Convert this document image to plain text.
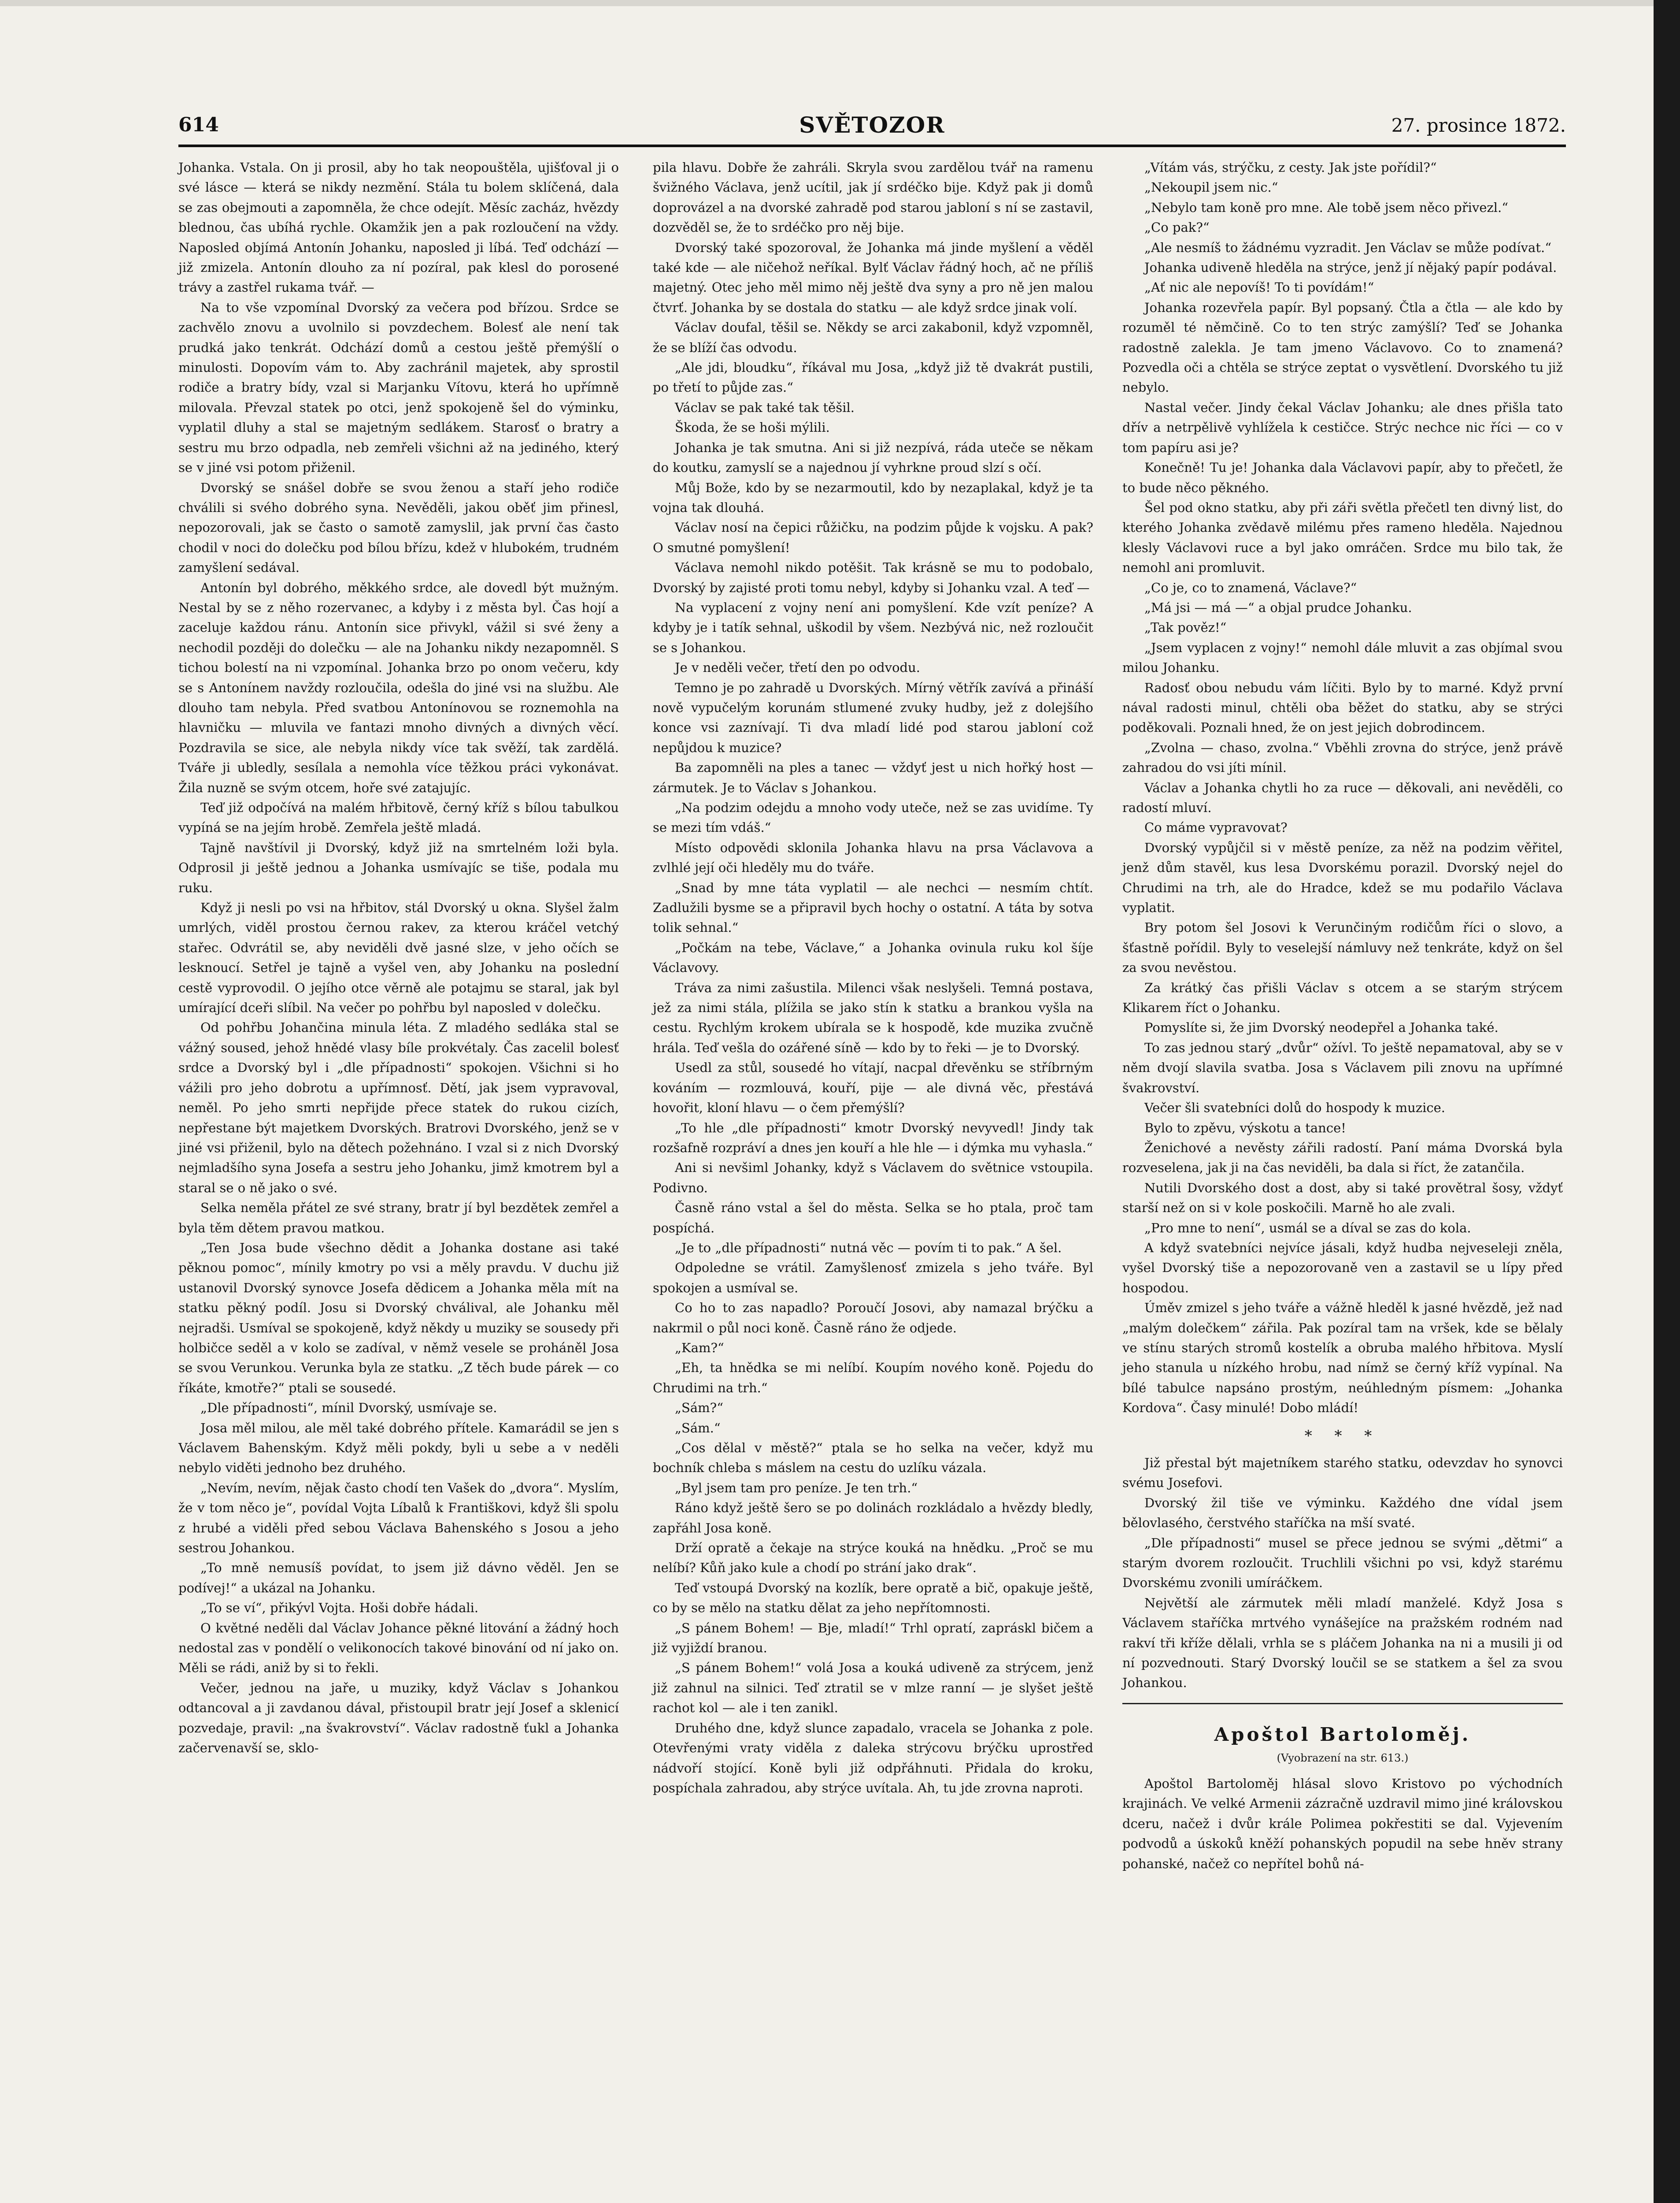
614	SVĚTOZOR	27. prosince 1872.

Johanka. Vstala. On ji prosil, aby ho tak neopouštěla, ujišťoval ji o své lásce — která se nikdy nezmění. Stála tu bolem sklíčená, dala se zas obejmouti a zapomněla, že chce odejít. Měsíc zacház, hvězdy blednou, čas ubíhá rychle. Okamžik jen a pak rozloučení na vždy. Naposled objímá Antonín Johanku, naposled ji líbá. Teď odchází — již zmizela. Antonín dlouho za ní pozíral, pak klesl do porosené trávy a zastřel rukama tvář. —

Na to vše vzpomínal Dvorský za večera pod břízou. Srdce se zachvělo znovu a uvolnilo si povzdechem. Bolesť ale není tak prudká jako tenkrát. Odchází domů a cestou ještě přemýšlí o minulosti. Dopovím vám to. Aby zachránil majetek, aby sprostil rodiče a bratry bídy, vzal si Marjanku Vítovu, která ho upřímně milovala. Převzal statek po otci, jenž spokojeně šel do výminku, vyplatil dluhy a stal se majetným sedlákem. Starosť o bratry a sestru mu brzo odpadla, neb zemřeli všichni až na jediného, který se v jiné vsi potom přiženil.

Dvorský se snášel dobře se svou ženou a staří jeho rodiče chválili si svého dobrého syna. Nevěděli, jakou oběť jim přinesl, nepozorovali, jak se často o samotě zamyslil, jak první čas často chodil v noci do dolečku pod bílou břízu, kdež v hlubokém, trudném zamyšlení sedával.

Antonín byl dobrého, měkkého srdce, ale dovedl být mužným. Nestal by se z něho rozervanec, a kdyby i z města byl. Čas hojí a zaceluje každou ránu. Antonín sice přivykl, vážil si své ženy a nechodil později do dolečku — ale na Johanku nikdy nezapomněl. S tichou bolestí na ni vzpomínal. Johanka brzo po onom večeru, kdy se s Antonínem navždy rozloučila, odešla do jiné vsi na službu. Ale dlouho tam nebyla. Před svatbou Antonínovou se roznemohla na hlavničku — mluvila ve fantazi mnoho divných a divných věcí. Pozdravila se sice, ale nebyla nikdy více tak svěží, tak zardělá. Tváře ji ubledly, sesílala a nemohla více těžkou práci vykonávat. Žila nuzně se svým otcem, hoře své zatajujíc.

Teď již odpočívá na malém hřbitově, černý kříž s bílou tabulkou vypíná se na jejím hrobě. Zemřela ještě mladá.

Tajně navštívil ji Dvorský, když již na smrtelném loži byla. Odprosil ji ještě jednou a Johanka usmívajíc se tiše, podala mu ruku.

Když ji nesli po vsi na hřbitov, stál Dvorský u okna. Slyšel žalm umrlých, viděl prostou černou rakev, za kterou kráčel vetchý stařec. Odvrátil se, aby neviděli dvě jasné slze, v jeho očích se lesknoucí. Setřel je tajně a vyšel ven, aby Johanku na poslední cestě vyprovodil. O jejího otce věrně ale potajmu se staral, jak byl umírající dceři slíbil. Na večer po pohřbu byl naposled v dolečku.

Od pohřbu Johančina minula léta. Z mladého sedláka stal se vážný soused, jehož hnědé vlasy bíle prokvétaly. Čas zacelil bolesť srdce a Dvorský byl i „dle případnosti“ spokojen. Všichni si ho vážili pro jeho dobrotu a upřímnosť. Dětí, jak jsem vypravoval, neměl. Po jeho smrti nepřijde přece statek do rukou cizích, nepřestane být majetkem Dvorských. Bratrovi Dvorského, jenž se v jiné vsi přiženil, bylo na dětech požehnáno. I vzal si z nich Dvorský nejmladšího syna Josefa a sestru jeho Johanku, jimž kmotrem byl a staral se o ně jako o své.

Selka neměla přátel ze své strany, bratr jí byl bezdětek zemřel a byla těm dětem pravou matkou.

„Ten Josa bude všechno dědit a Johanka dostane asi také pěknou pomoc“, mínily kmotry po vsi a měly pravdu. V duchu již ustanovil Dvorský synovce Josefa dědicem a Johanka měla mít na statku pěkný podíl. Josu si Dvorský chválival, ale Johanku měl nejradši. Usmíval se spokojeně, když někdy u muziky se sousedy při holbičce seděl a v kolo se zadíval, v němž vesele se proháněl Josa se svou Verunkou. Verunka byla ze statku. „Z těch bude párek — co říkáte, kmotře?“ ptali se sousedé.

„Dle případnosti“, mínil Dvorský, usmívaje se.

Josa měl milou, ale měl také dobrého přítele. Kamarádil se jen s Václavem Bahenským. Když měli pokdy, byli u sebe a v neděli nebylo viděti jednoho bez druhého.

„Nevím, nevím, nějak často chodí ten Vašek do „dvora“. Myslím, že v tom něco je“, povídal Vojta Líbalů k Františkovi, když šli spolu z hrubé a viděli před sebou Václava Bahenského s Josou a jeho sestrou Johankou.

„To mně nemusíš povídat, to jsem již dávno věděl. Jen se podívej!“ a ukázal na Johanku.

„To se ví“, přikývl Vojta. Hoši dobře hádali.

O květné neděli dal Václav Johance pěkné litování a žádný hoch nedostal zas v pondělí o velikonocích takové binování od ní jako on. Měli se rádi, aniž by si to řekli.

Večer, jednou na jaře, u muziky, když Václav s Johankou odtancoval a ji zavdanou dával, přistoupil bratr její Josef a sklenicí pozvedaje, pravil: „na švakrovství“. Václav radostně ťukl a Johanka začervenavší se, sklo-

pila hlavu. Dobře že zahráli. Skryla svou zardělou tvář na ramenu švižného Václava, jenž ucítil, jak jí srdéčko bije. Když pak ji domů doprovázel a na dvorské zahradě pod starou jabloní s ní se zastavil, dozvěděl se, že to srdéčko pro něj bije.

Dvorský také spozoroval, že Johanka má jinde myšlení a věděl také kde — ale ničehož neříkal. Bylť Václav řádný hoch, ač ne příliš majetný. Otec jeho měl mimo něj ještě dva syny a pro ně jen malou čtvrť. Johanka by se dostala do statku — ale když srdce jinak volí.

Václav doufal, těšil se. Někdy se arci zakabonil, když vzpomněl, že se blíží čas odvodu.

„Ale jdi, bloudku“, říkával mu Josa, „když již tě dvakrát pustili, po třetí to půjde zas.“

Václav se pak také tak těšil.

Škoda, že se hoši mýlili.

Johanka je tak smutna. Ani si již nezpívá, ráda uteče se někam do koutku, zamyslí se a najednou jí vyhrkne proud slzí s očí.

Můj Bože, kdo by se nezarmoutil, kdo by nezaplakal, když je ta vojna tak dlouhá.

Václav nosí na čepici růžičku, na podzim půjde k vojsku. A pak? O smutné pomyšlení!

Václava nemohl nikdo potěšit. Tak krásně se mu to podobalo, Dvorský by zajisté proti tomu nebyl, kdyby si Johanku vzal. A teď —

Na vyplacení z vojny není ani pomyšlení. Kde vzít peníze? A kdyby je i tatík sehnal, uškodil by všem. Nezbývá nic, než rozloučit se s Johankou.

Je v neděli večer, třetí den po odvodu.

Temno je po zahradě u Dvorských. Mírný větřík zavívá a přináší nově vypučelým korunám stlumené zvuky hudby, jež z dolejšího konce vsi zaznívají. Ti dva mladí lidé pod starou jabloní což nepůjdou k muzice?

Ba zapomněli na ples a tanec — vždyť jest u nich hořký host — zármutek. Je to Václav s Johankou.

„Na podzim odejdu a mnoho vody uteče, než se zas uvidíme. Ty se mezi tím vdáš.“

Místo odpovědi sklonila Johanka hlavu na prsa Václavova a zvlhlé její oči hleděly mu do tváře.

„Snad by mne táta vyplatil — ale nechci — nesmím chtít. Zadlužili bysme se a připravil bych hochy o ostatní. A táta by sotva tolik sehnal.“

„Počkám na tebe, Václave,“ a Johanka ovinula ruku kol šíje Václavovy.

Tráva za nimi zašustila. Milenci však neslyšeli. Temná postava, jež za nimi stála, plížila se jako stín k statku a brankou vyšla na cestu. Rychlým krokem ubírala se k hospodě, kde muzika zvučně hrála. Teď vešla do ozářené síně — kdo by to řeki — je to Dvorský.

Usedl za stůl, sousedé ho vítají, nacpal dřevěnku se stříbrným kováním — rozmlouvá, kouří, pije — ale divná věc, přestává hovořit, kloní hlavu — o čem přemýšlí?

„To hle „dle případnosti“ kmotr Dvorský nevyvedl! Jindy tak rozšafně rozpráví a dnes jen kouří a hle hle — i dýmka mu vyhasla.“

Ani si nevšiml Johanky, když s Václavem do světnice vstoupila. Podivno.

Časně ráno vstal a šel do města. Selka se ho ptala, proč tam pospíchá.

„Je to „dle případnosti“ nutná věc — povím ti to pak.“ A šel.

Odpoledne se vrátil. Zamyšlenosť zmizela s jeho tváře. Byl spokojen a usmíval se.

Co ho to zas napadlo? Poroučí Josovi, aby namazal brýčku a nakrmil o půl noci koně. Časně ráno že odjede.

„Kam?“

„Eh, ta hnědka se mi nelíbí. Koupím nového koně. Pojedu do Chrudimi na trh.“

„Sám?“

„Sám.“

„Cos dělal v městě?“ ptala se ho selka na večer, když mu bochník chleba s máslem na cestu do uzlíku vázala.

„Byl jsem tam pro peníze. Je ten trh.“

Ráno když ještě šero se po dolinách rozkládalo a hvězdy bledly, zapřáhl Josa koně.

Drží opratě a čekaje na strýce kouká na hnědku. „Proč se mu nelíbí? Kůň jako kule a chodí po strání jako drak“.

Teď vstoupá Dvorský na kozlík, bere opratě a bič, opakuje ještě, co by se mělo na statku dělat za jeho nepřítomnosti.

„S pánem Bohem! — Bje, mladí!“ Trhl opratí, zapráskl bičem a již vyjiždí branou.

„S pánem Bohem!“ volá Josa a kouká udiveně za strýcem, jenž již zahnul na silnici. Teď ztratil se v mlze ranní — je slyšet ještě rachot kol — ale i ten zanikl.

Druhého dne, když slunce zapadalo, vracela se Johanka z pole. Otevřenými vraty viděla z daleka strýcovu brýčku uprostřed nádvoří stojící. Koně byli již odpřáhnuti. Přidala do kroku, pospíchala zahradou, aby strýce uvítala. Ah, tu jde zrovna naproti.

„Vítám vás, strýčku, z cesty. Jak jste pořídil?“

„Nekoupil jsem nic.“

„Nebylo tam koně pro mne. Ale tobě jsem něco přivezl.“

„Co pak?“

„Ale nesmíš to žádnému vyzradit. Jen Václav se může podívat.“

Johanka udiveně hleděla na strýce, jenž jí nějaký papír podával.

„Ať nic ale nepovíš! To ti povídám!“

Johanka rozevřela papír. Byl popsaný. Čtla a čtla — ale kdo by rozuměl té němčině. Co to ten strýc zamýšlí? Teď se Johanka radostně zalekla. Je tam jmeno Václavovo. Co to znamená? Pozvedla oči a chtěla se strýce zeptat o vysvětlení. Dvorského tu již nebylo.

Nastal večer. Jindy čekal Václav Johanku; ale dnes přišla tato dřív a netrpělivě vyhlížela k cestičce. Strýc nechce nic říci — co v tom papíru asi je?

Konečně! Tu je! Johanka dala Václavovi papír, aby to přečetl, že to bude něco pěkného.

Šel pod okno statku, aby při záři světla přečetl ten divný list, do kterého Johanka zvědavě milému přes rameno hleděla. Najednou klesly Václavovi ruce a byl jako omráčen. Srdce mu bilo tak, že nemohl ani promluvit.

„Co je, co to znamená, Václave?“

„Má jsi — má —“ a objal prudce Johanku.

„Tak pověz!“

„Jsem vyplacen z vojny!“ nemohl dále mluvit a zas objímal svou milou Johanku.

Radosť obou nebudu vám líčiti. Bylo by to marné. Když první nával radosti minul, chtěli oba běžet do statku, aby se strýci poděkovali. Poznali hned, že on jest jejich dobrodincem.

„Zvolna — chaso, zvolna.“ Vběhli zrovna do strýce, jenž právě zahradou do vsi jíti mínil.

Václav a Johanka chytli ho za ruce — děkovali, ani nevěděli, co radostí mluví.

Co máme vypravovat?

Dvorský vypůjčil si v městě peníze, za něž na podzim věřitel, jenž dům stavěl, kus lesa Dvorskému porazil. Dvorský nejel do Chrudimi na trh, ale do Hradce, kdež se mu podařilo Václava vyplatit.

Bry potom šel Josovi k Verunčiným rodičům říci o slovo, a šťastně pořídil. Byly to veselejší námluvy než tenkráte, když on šel za svou nevěstou.

Za krátký čas přišli Václav s otcem a se starým strýcem Klikarem říct o Johanku.

Pomyslíte si, že jim Dvorský neodepřel a Johanka také.

To zas jednou starý „dvůr“ ožívl. To ještě nepamatoval, aby se v něm dvojí slavila svatba. Josa s Václavem pili znovu na upřímné švakrovství.

Večer šli svatebníci dolů do hospody k muzice.

Bylo to zpěvu, výskotu a tance!

Ženichové a nevěsty zářili radostí. Paní máma Dvorská byla rozveselena, jak ji na čas neviděli, ba dala si říct, že zatančila.

Nutili Dvorského dost a dost, aby si také provětral šosy, vždyť starší než on si v kole poskočili. Marně ho ale zvali.

„Pro mne to není“, usmál se a díval se zas do kola.

A když svatebníci nejvíce jásali, když hudba nejveseleji zněla, vyšel Dvorský tiše a nepozorovaně ven a zastavil se u lípy před hospodou.

Úměv zmizel s jeho tváře a vážně hleděl k jasné hvězdě, jež nad „malým dolečkem“ zářila. Pak pozíral tam na vršek, kde se bělaly ve stínu starých stromů kostelík a obruba malého hřbitova. Myslí jeho stanula u nízkého hrobu, nad nímž se černý kříž vypínal. Na bílé tabulce napsáno prostým, neúhledným písmem: „Johanka Kordova“. Časy minulé! Dobo mládí!

* * *

Již přestal být majetníkem starého statku, odevzdav ho synovci svému Josefovi.

Dvorský žil tiše ve výminku. Každého dne vídal jsem bělovlasého, čerstvého staříčka na mší svaté.

„Dle případnosti“ musel se přece jednou se svými „dětmi“ a starým dvorem rozloučit. Truchlili všichni po vsi, když starému Dvorskému zvonili umíráčkem.

Největší ale zármutek měli mladí manželé. Když Josa s Václavem staříčka mrtvého vynášejíce na pražském rodném nad rakví tři kříže dělali, vrhla se s pláčem Johanka na ni a musili ji od ní pozvednouti. Starý Dvorský loučil se se statkem a šel za svou Johankou.

Apoštol Bartoloměj.
(Vyobrazení na str. 613.)

Apoštol Bartoloměj hlásal slovo Kristovo po východních krajinách. Ve velké Armenii zázračně uzdravil mimo jiné královskou dceru, načež i dvůr krále Polimea pokřestiti se dal. Vyjevením podvodů a úskoků kněží pohanských popudil na sebe hněv strany pohanské, načež co nepřítel bohů ná-
